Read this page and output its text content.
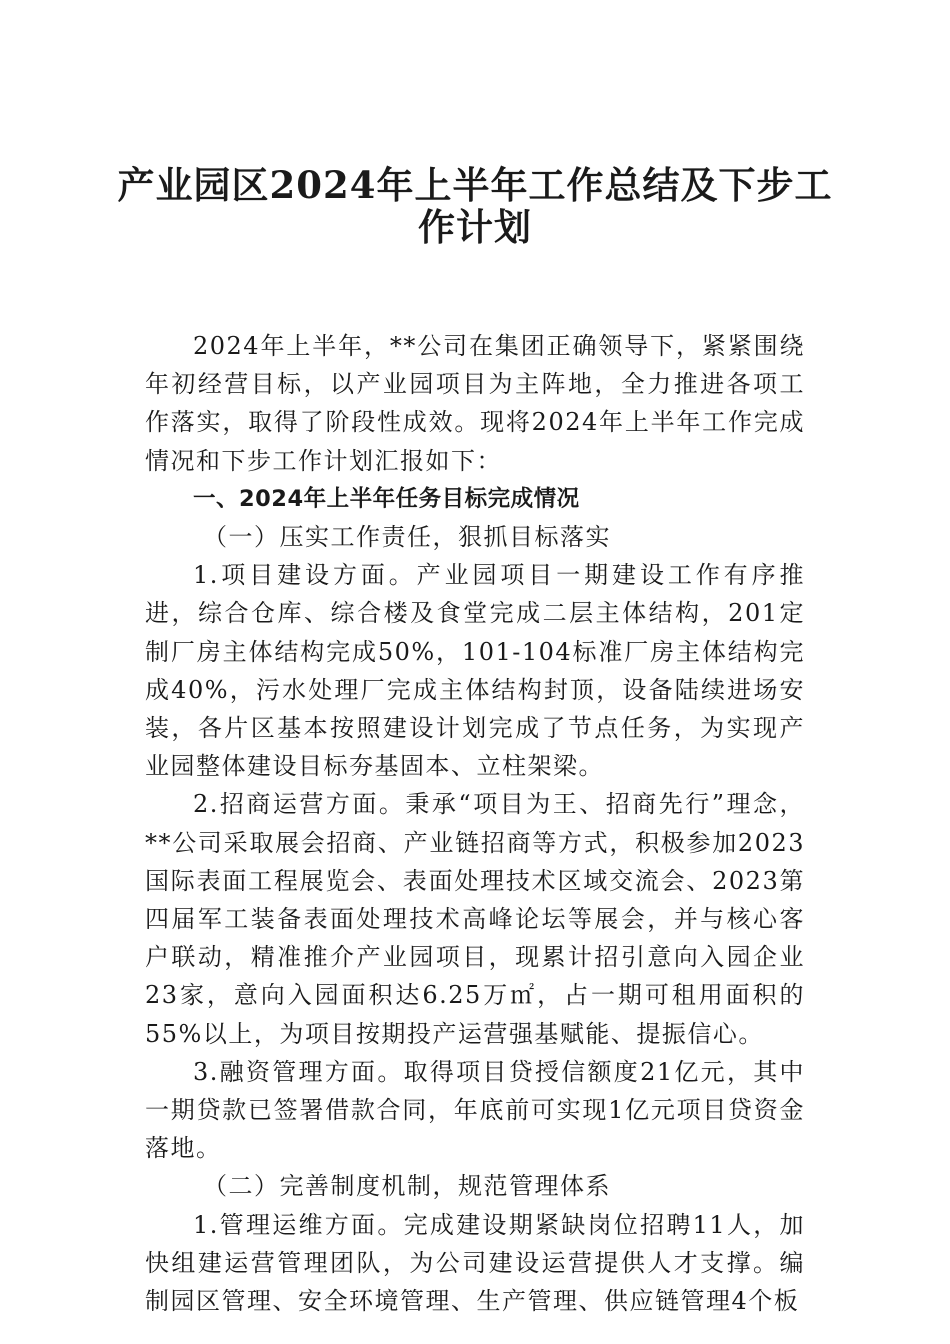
产业园区2024年上半年工作总结及下步工
作计划

2024年上半年，**公司在集团正确领导下，紧紧围绕年初经营目标，以产业园项目为主阵地，全力推进各项工作落实，取得了阶段性成效。现将2024年上半年工作完成情况和下步工作计划汇报如下：

一、2024年上半年任务目标完成情况

（一）压实工作责任，狠抓目标落实

1.项目建设方面。产业园项目一期建设工作有序推进，综合仓库、综合楼及食堂完成二层主体结构，201定制厂房主体结构完成50%，101-104标准厂房主体结构完成40%，污水处理厂完成主体结构封顶，设备陆续进场安装，各片区基本按照建设计划完成了节点任务，为实现产业园整体建设目标夯基固本、立柱架梁。

2.招商运营方面。秉承“项目为王、招商先行”理念，**公司采取展会招商、产业链招商等方式，积极参加2023国际表面工程展览会、表面处理技术区域交流会、2023第四届军工装备表面处理技术高峰论坛等展会，并与核心客户联动，精准推介产业园项目，现累计招引意向入园企业23家，意向入园面积达6.25万㎡，占一期可租用面积的55%以上，为项目按期投产运营强基赋能、提振信心。

3.融资管理方面。取得项目贷授信额度21亿元，其中一期贷款已签署借款合同，年底前可实现1亿元项目贷资金落地。

（二）完善制度机制，规范管理体系

1.管理运维方面。完成建设期紧缺岗位招聘11人，加快组建运营管理团队，为公司建设运营提供人才支撑。编制园区管理、安全环境管理、生产管理、供应链管理4个板
